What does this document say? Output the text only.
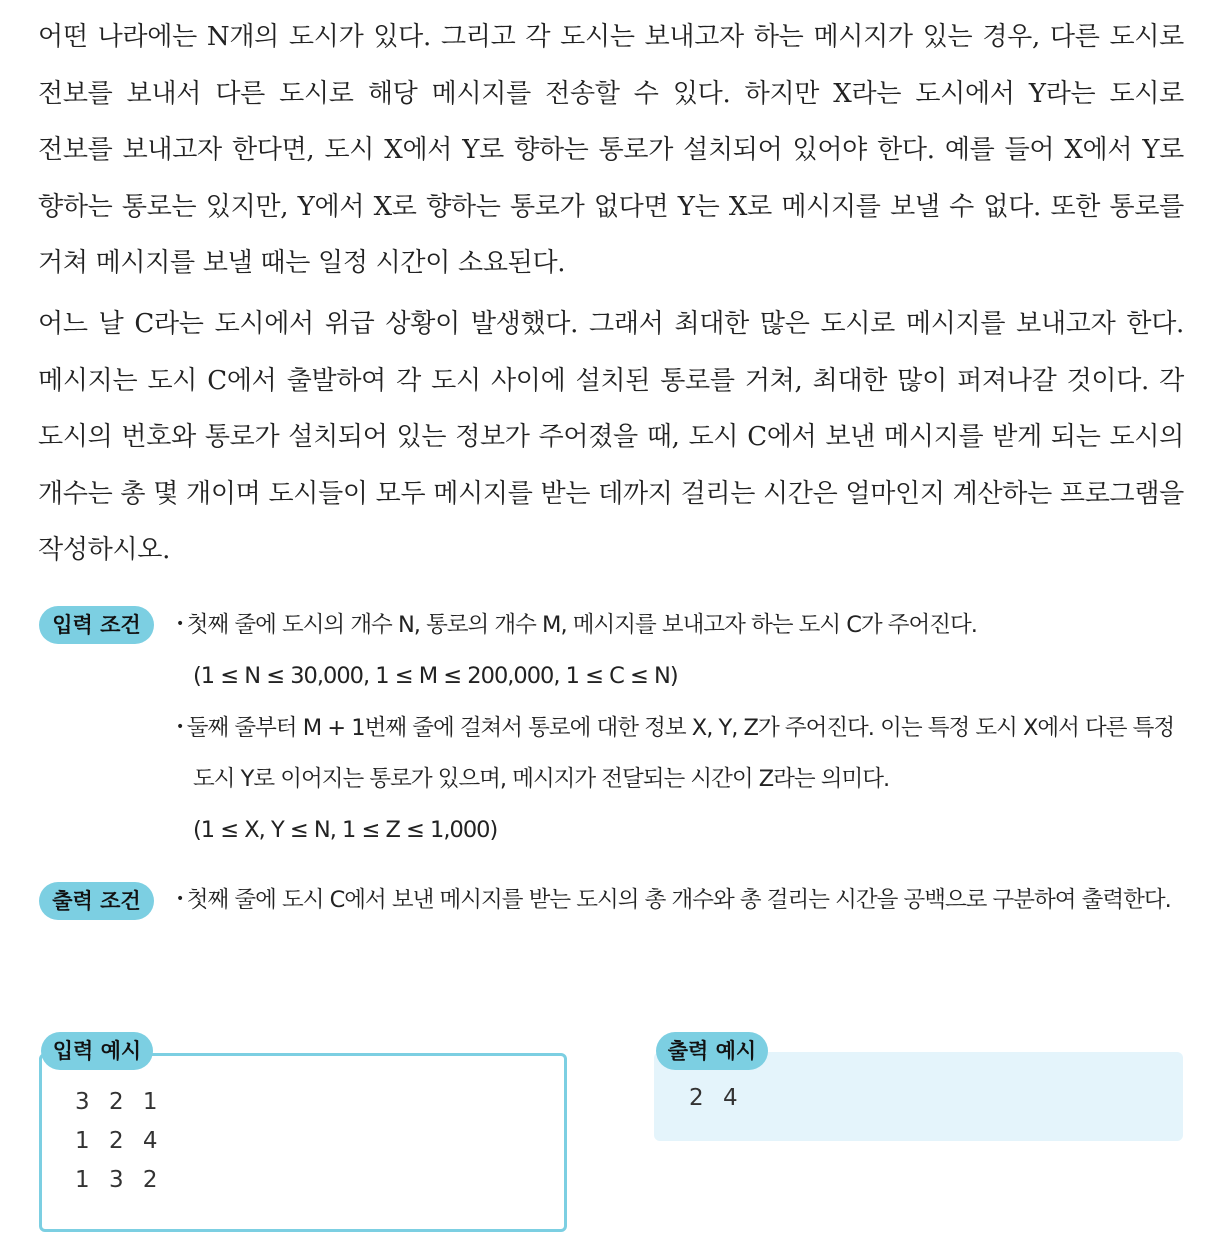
어떤 나라에는 N개의 도시가 있다. 그리고 각 도시는 보내고자 하는 메시지가 있는 경우, 다른 도시로 전보를 보내서 다른 도시로 해당 메시지를 전송할 수 있다. 하지만 X라는 도시에서 Y라는 도시로 전보를 보내고자 한다면, 도시 X에서 Y로 향하는 통로가 설치되어 있어야 한다. 예를 들어 X에서 Y로 향하는 통로는 있지만, Y에서 X로 향하는 통로가 없다면 Y는 X로 메시지를 보낼 수 없다. 또한 통로를 거쳐 메시지를 보낼 때는 일정 시간이 소요된다.

어느 날 C라는 도시에서 위급 상황이 발생했다. 그래서 최대한 많은 도시로 메시지를 보내고자 한다. 메시지는 도시 C에서 출발하여 각 도시 사이에 설치된 통로를 거쳐, 최대한 많이 퍼져나갈 것이다. 각 도시의 번호와 통로가 설치되어 있는 정보가 주어졌을 때, 도시 C에서 보낸 메시지를 받게 되는 도시의 개수는 총 몇 개이며 도시들이 모두 메시지를 받는 데까지 걸리는 시간은 얼마인지 계산하는 프로그램을 작성하시오.

입력 조건	• 첫째 줄에 도시의 개수 N, 통로의 개수 M, 메시지를 보내고자 하는 도시 C가 주어진다.
(1 ≤ N ≤ 30,000, 1 ≤ M ≤ 200,000, 1 ≤ C ≤ N)
• 둘째 줄부터 M + 1번째 줄에 걸쳐서 통로에 대한 정보 X, Y, Z가 주어진다. 이는 특정 도시 X에서 다른 특정 도시 Y로 이어지는 통로가 있으며, 메시지가 전달되는 시간이 Z라는 의미다.
(1 ≤ X, Y ≤ N, 1 ≤ Z ≤ 1,000)
출력 조건	• 첫째 줄에 도시 C에서 보낸 메시지를 받는 도시의 총 개수와 총 걸리는 시간을 공백으로 구분하여 출력한다.
3 2 1
1 2 4
1 3 2
입력 예시
2 4
출력 예시
